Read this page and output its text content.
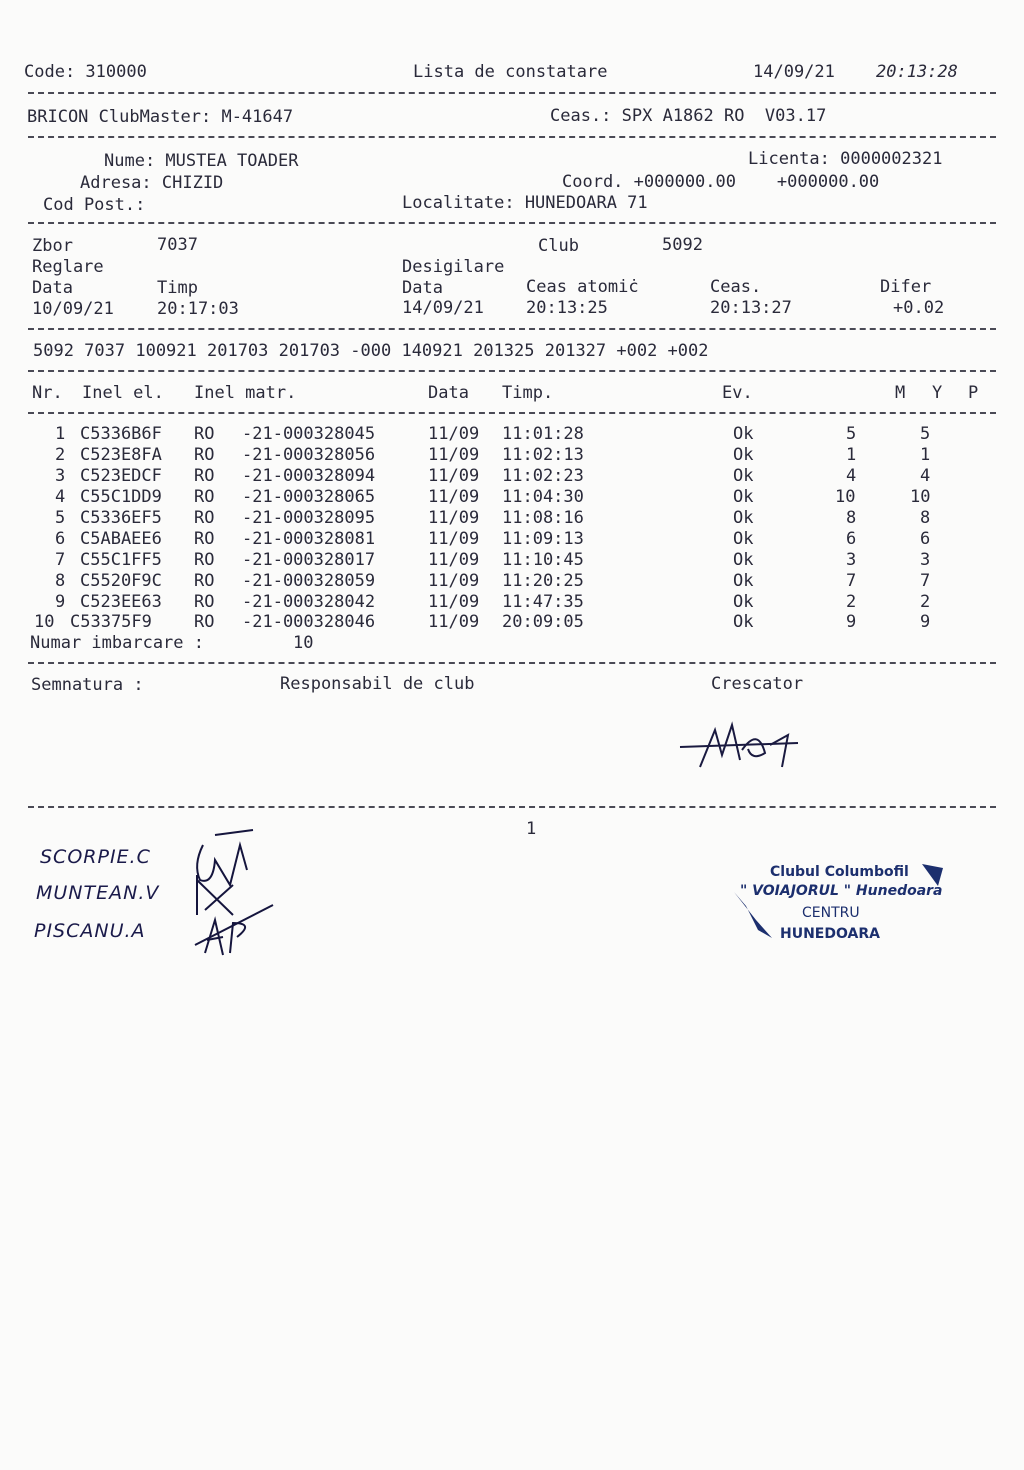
Code: 310000	Lista de constatare	14/09/21 20:13:28
BRICON ClubMaster: M-41647	Ceas.: SPX A1862 RO  V03.17
Nume: MUSTEA TOADER	Licenta: 0000002321
Adresa: CHIZID	Coord. +000000.00    +000000.00
Cod Post.:	Localitate: HUNEDOARA 71
Zbor	7037	Club	5092
Reglare	Desigilare
Data	Timp	Data	Ceas atomiċ	Ceas.	Difer
10/09/21	20:17:03	14/09/21 20:13:25	20:13:27	+0.02
5092 7037 100921 201703 201703 -000 140921 201325 201327 +002 +002
Nr. Inel el. Inel matr.	Data Timp.	Ev.	M Y P
1 C5336B6F RO -21-000328045	11/09 11:01:28	Ok	5	5
2 C523E8FA RO -21-000328056	11/09 11:02:13	Ok	1	1
3 C523EDCF RO -21-000328094	11/09 11:02:23	Ok	4	4
4 C55C1DD9 RO -21-000328065	11/09 11:04:30	Ok	10	10
5 C5336EF5 RO -21-000328095	11/09 11:08:16	Ok	8	8
6 C5ABAEE6 RO -21-000328081	11/09 11:09:13	Ok	6	6
7 C55C1FF5 RO -21-000328017	11/09 11:10:45	Ok	3	3
8 C5520F9C RO -21-000328059	11/09 11:20:25	Ok	7	7
9 C523EE63 RO -21-000328042	11/09 11:47:35	Ok	2	2
10 C53375F9 RO -21-000328046	11/09 20:09:05	Ok	9	9
Numar imbarcare :	10
Semnatura :	Responsabil de club	Crescator
1
SCORPIE.C
MUNTEAN.V
PISCANU.A
Clubul Columbofil
" VOIAJORUL " Hunedoara
CENTRU
HUNEDOARA
